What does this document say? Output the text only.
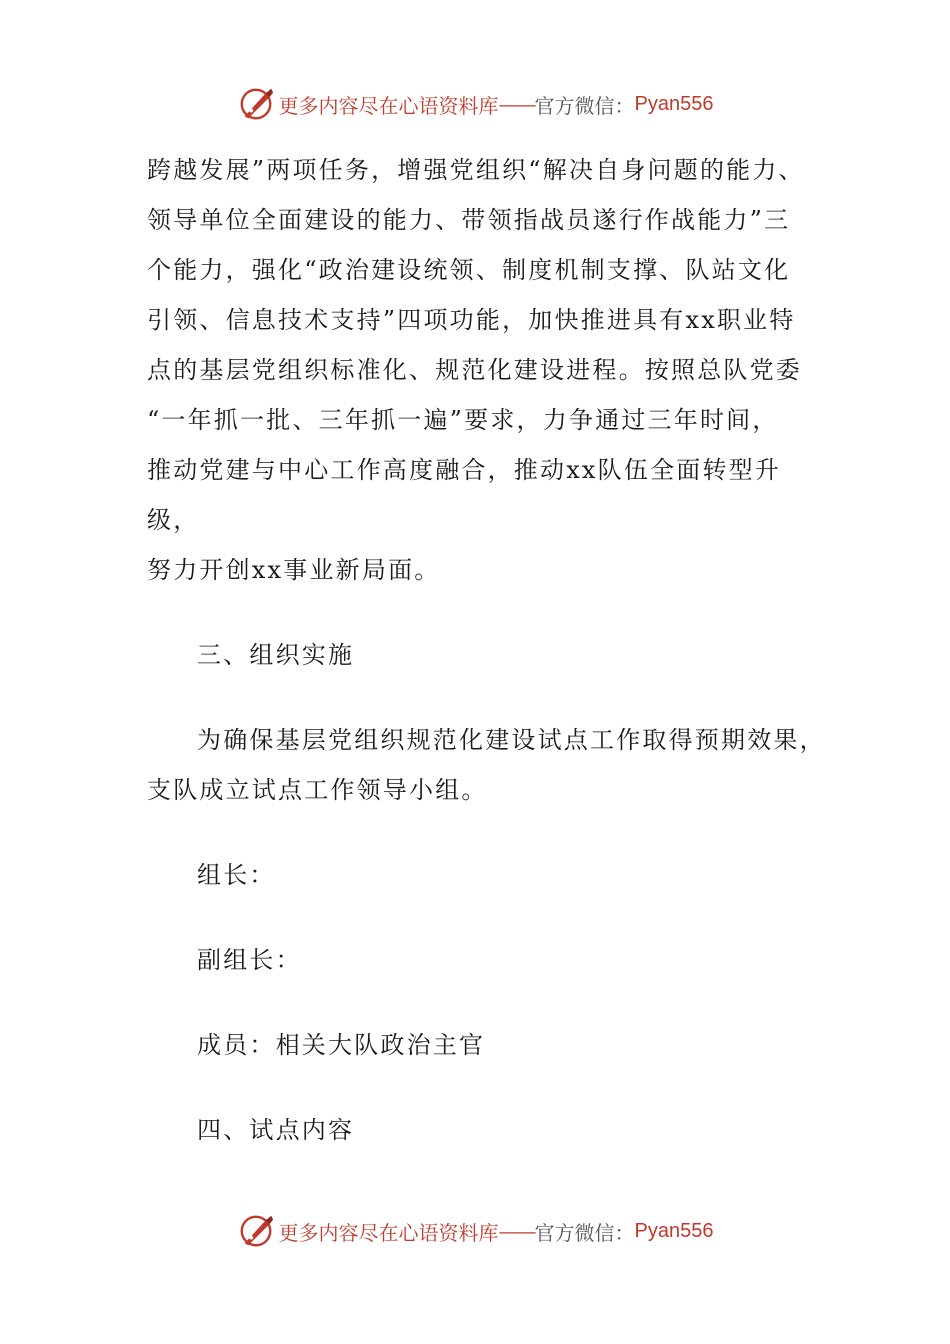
更多内容尽在心语资料库 —— 官方微信： Pyan556
跨越发展”两项任务，增强党组织“解决自身问题的能力、
领导单位全面建设的能力、带领指战员遂行作战能力”三
个能力，强化“政治建设统领、制度机制支撑、队站文化
引领、信息技术支持”四项功能，加快推进具有xx职业特
点的基层党组织标准化、规范化建设进程。按照总队党委
“一年抓一批、三年抓一遍”要求，力争通过三年时间，
推动党建与中心工作高度融合，推动xx队伍全面转型升级，
努力开创xx事业新局面。

三、组织实施

为确保基层党组织规范化建设试点工作取得预期效果，
支队成立试点工作领导小组。

组长：

副组长：

成员：相关大队政治主官

四、试点内容

更多内容尽在心语资料库 —— 官方微信： Pyan556
